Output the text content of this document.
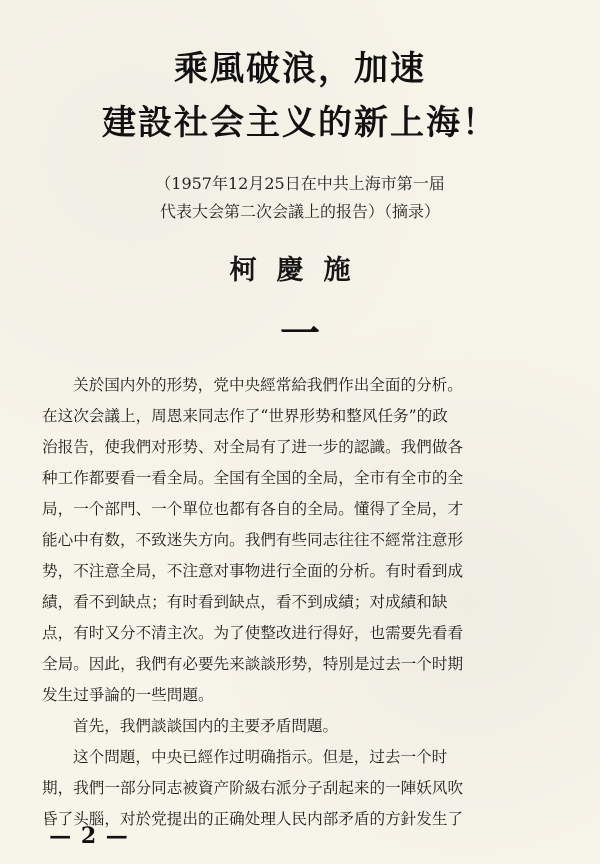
乘風破浪，加速
建設社会主义的新上海！
（1957年12月25日在中共上海市第一届
代表大会第二次会議上的报告）（摘录）
柯慶施
一
关於国内外的形势，党中央經常給我們作出全面的分析。
在这次会議上，周恩来同志作了“世界形势和整风任务”的政
治报告，使我們对形势、对全局有了进一步的認識。我們做各
种工作都要看一看全局。全国有全国的全局，全市有全市的全
局，一个部門、一个單位也都有各自的全局。懂得了全局，才
能心中有数，不致迷失方向。我們有些同志往往不經常注意形
势，不注意全局，不注意对事物进行全面的分析。有时看到成
績，看不到缺点；有时看到缺点，看不到成績；对成績和缺
点，有时又分不清主次。为了使整改进行得好，也需要先看看
全局。因此，我們有必要先来談談形势，特別是过去一个时期
发生过爭論的一些問題。
首先，我們談談国内的主要矛盾問題。
这个問題，中央已經作过明确指示。但是，过去一个时
期，我們一部分同志被資产阶級右派分子刮起来的一陣妖风吹
昏了头腦，对於党提出的正确处理人民内部矛盾的方針发生了
— 2 —
